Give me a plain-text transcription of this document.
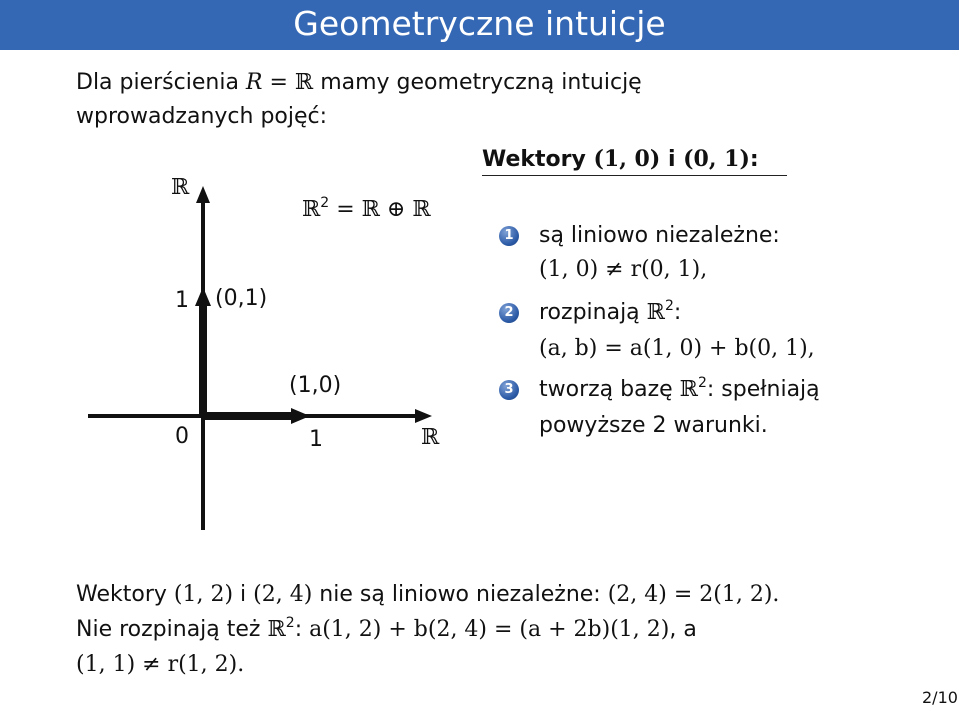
Geometryczne intuicje
Dla pierścienia R = ℝ mamy geometryczną intuicję
wprowadzanych pojęć:
ℝ
ℝ$^2$ = ℝ ⊕ ℝ
1 (0,1)
(1,0)
0	1	ℝ
Wektory (1, 0) i (0, 1):
1 są liniowo niezależne:
(1, 0) ≠ r(0, 1),
2 rozpinają ℝ$^2$:
(a, b) = a(1, 0) + b(0, 1),
3 tworzą bazę ℝ$^2$: spełniają
powyższe 2 warunki.
Wektory (1, 2) i (2, 4) nie są liniowo niezależne: (2, 4) = 2(1, 2).
Nie rozpinają też ℝ$^2$: a(1, 2) + b(2, 4) = (a + 2b)(1, 2), a
(1, 1) ≠ r(1, 2).
2/10
